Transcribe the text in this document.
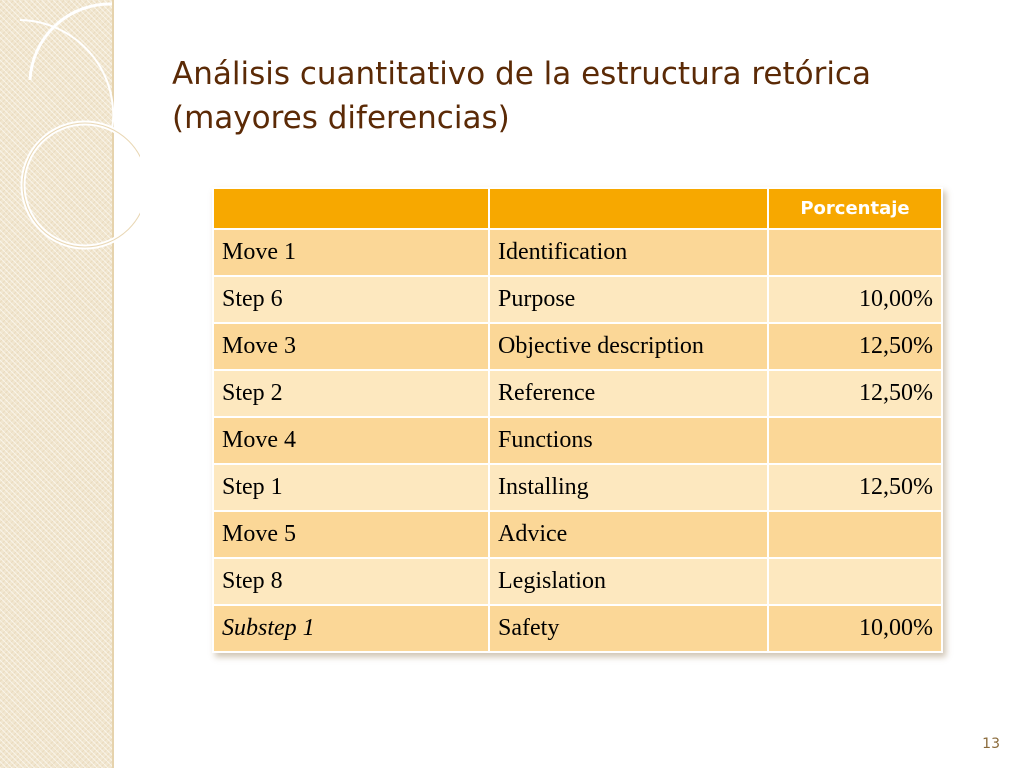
Análisis cuantitativo de la estructura retórica (mayores diferencias)
		Porcentaje
Move 1	Identification	
Step 6	Purpose	10,00%
Move 3	Objective description	12,50%
Step 2	Reference	12,50%
Move 4	Functions	
Step 1	Installing	12,50%
Move 5	Advice	
Step 8	Legislation	
Substep 1	Safety	10,00%
13
